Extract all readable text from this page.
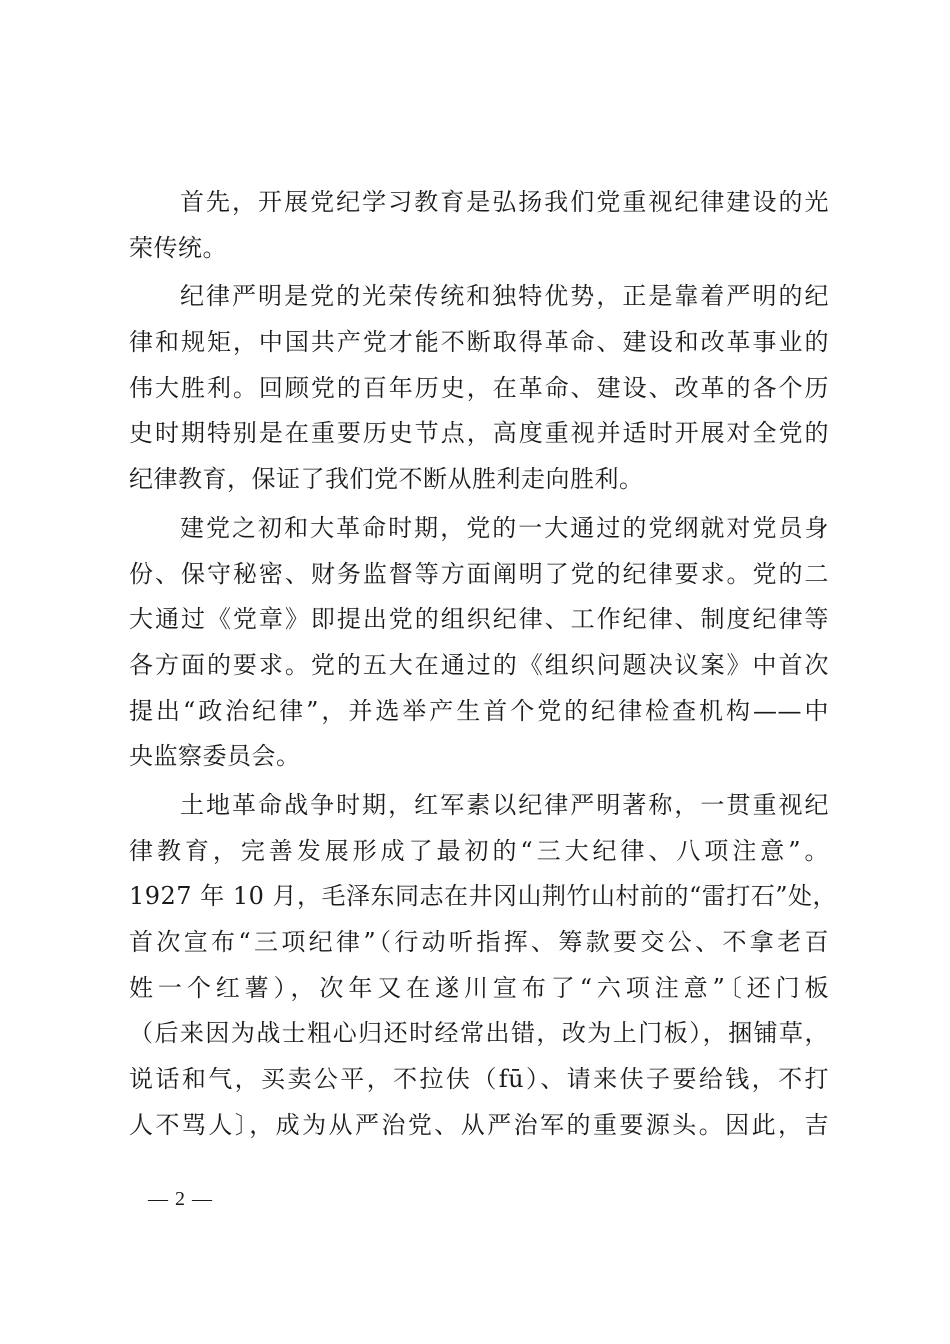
首先，开展党纪学习教育是弘扬我们党重视纪律建设的光
荣传统。
纪律严明是党的光荣传统和独特优势，正是靠着严明的纪
律和规矩，中国共产党才能不断取得革命、建设和改革事业的
伟大胜利。回顾党的百年历史，在革命、建设、改革的各个历
史时期特别是在重要历史节点，高度重视并适时开展对全党的
纪律教育，保证了我们党不断从胜利走向胜利。
建党之初和大革命时期，党的一大通过的党纲就对党员身
份、保守秘密、财务监督等方面阐明了党的纪律要求。党的二
大通过《党章》即提出党的组织纪律、工作纪律、制度纪律等
各方面的要求。党的五大在通过的《组织问题决议案》中首次
提出“政治纪律”，并选举产生首个党的纪律检查机构——中
央监察委员会。
土地革命战争时期，红军素以纪律严明著称，一贯重视纪
律教育，完善发展形成了最初的“三大纪律、八项注意”。
1927 年 10 月，毛泽东同志在井冈山荆竹山村前的“雷打石”处，
首次宣布“三项纪律”（行动听指挥、筹款要交公、不拿老百
姓一个红薯），次年又在遂川宣布了“六项注意”〔还门板
（后来因为战士粗心归还时经常出错，改为上门板），捆铺草，
说话和气，买卖公平，不拉伕（fū）、请来伕子要给钱，不打
人不骂人〕，成为从严治党、从严治军的重要源头。因此，吉
— 2 —
